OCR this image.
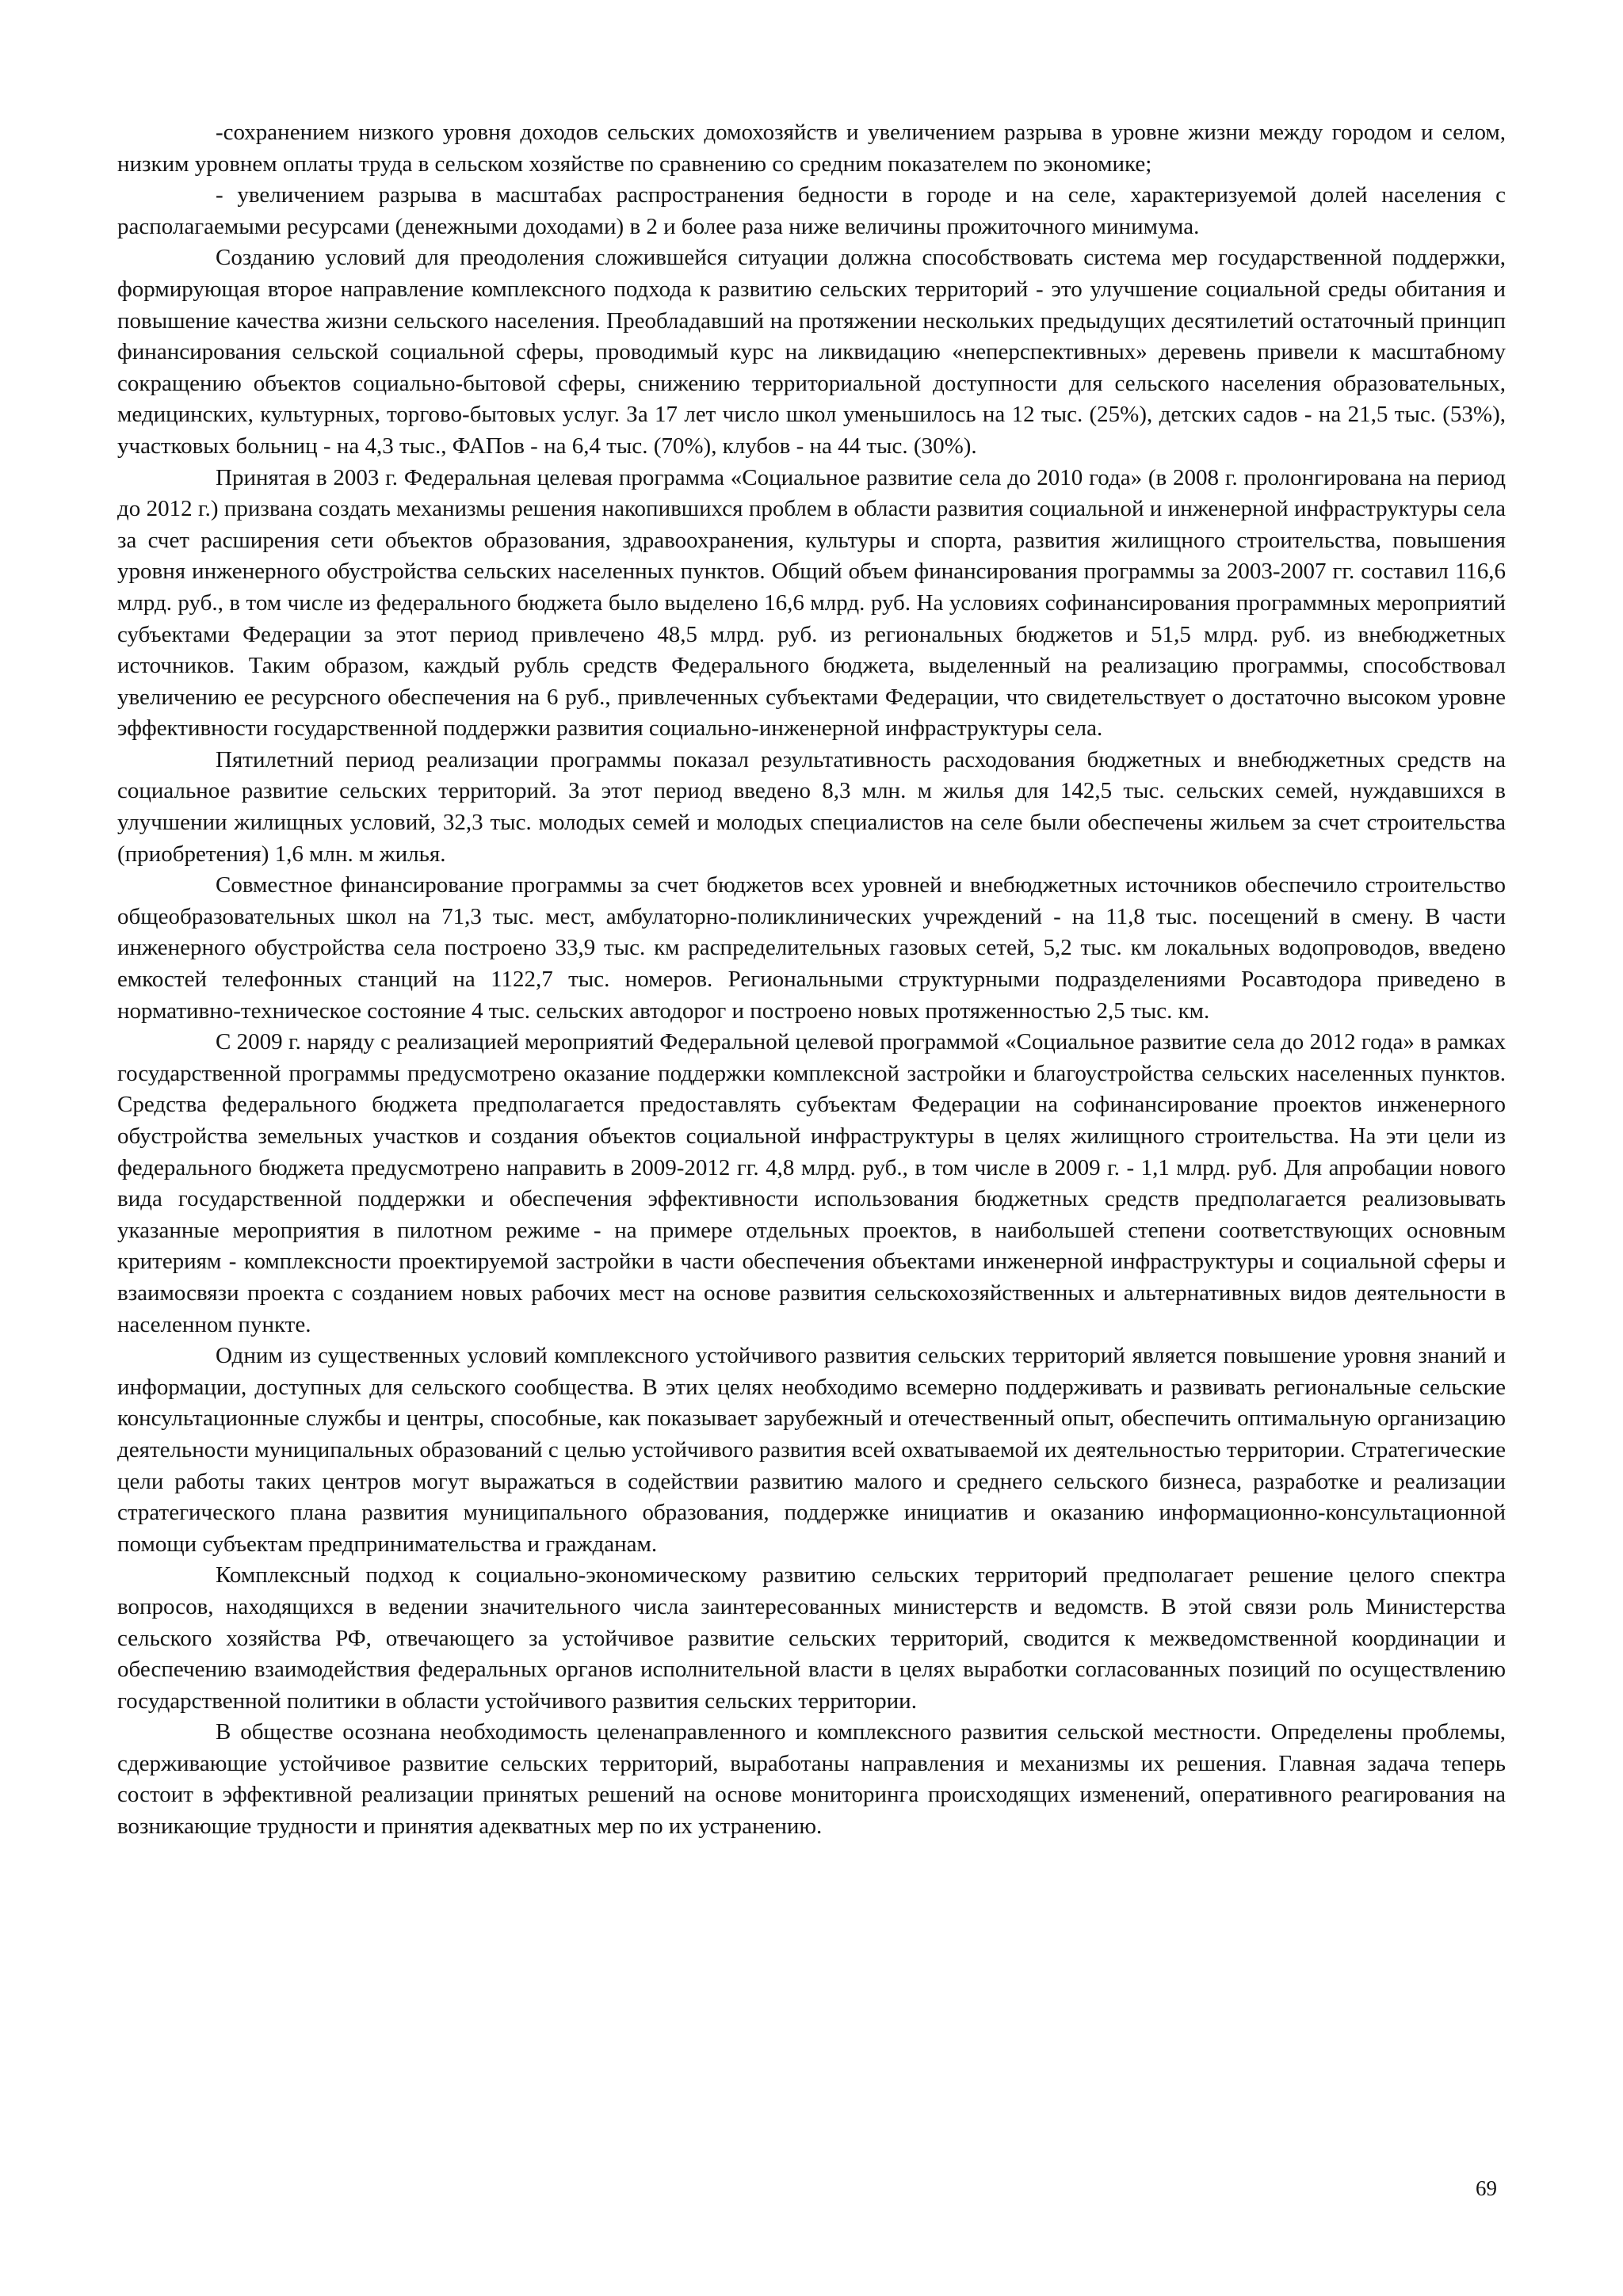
-сохранением низкого уровня доходов сельских домохозяйств и увеличением разрыва в уровне жизни между городом и селом, низким уровнем оплаты труда в сельском хозяйстве по сравнению со средним показателем по экономике;

- увеличением разрыва в масштабах распространения бедности в городе и на селе, характеризуемой долей населения с располагаемыми ресурсами (денежными доходами) в 2 и более раза ниже величины прожиточного минимума.

Созданию условий для преодоления сложившейся ситуации должна способствовать система мер государственной поддержки, формирующая второе направление комплексного подхода к развитию сельских территорий - это улучшение социальной среды обитания и повышение качества жизни сельского населения. Преобладавший на протяжении нескольких предыдущих десятилетий остаточный принцип финансирования сельской социальной сферы, проводимый курс на ликвидацию «неперспективных» деревень привели к масштабному сокращению объектов социально-бытовой сферы, снижению территориальной доступности для сельского населения образовательных, медицинских, культурных, торгово-бытовых услуг. За 17 лет число школ уменьшилось на 12 тыс. (25%), детских садов - на 21,5 тыс. (53%), участковых больниц - на 4,3 тыс., ФАПов - на 6,4 тыс. (70%), клубов - на 44 тыс. (30%).

Принятая в 2003 г. Федеральная целевая программа «Социальное развитие села до 2010 года» (в 2008 г. пролонгирована на период до 2012 г.) призвана создать механизмы решения накопившихся проблем в области развития социальной и инженерной инфраструктуры села за счет расширения сети объектов образования, здравоохранения, культуры и спорта, развития жилищного строительства, повышения уровня инженерного обустройства сельских населенных пунктов. Общий объем финансирования программы за 2003-2007 гг. составил 116,6 млрд. руб., в том числе из федерального бюджета было выделено 16,6 млрд. руб. На условиях софинансирования программных мероприятий субъектами Федерации за этот период привлечено 48,5 млрд. руб. из региональных бюджетов и 51,5 млрд. руб. из внебюджетных источников. Таким образом, каждый рубль средств Федерального бюджета, выделенный на реализацию программы, способствовал увеличению ее ресурсного обеспечения на 6 руб., привлеченных субъектами Федерации, что свидетельствует о достаточно высоком уровне эффективности государственной поддержки развития социально-инженерной инфраструктуры села.

Пятилетний период реализации программы показал результативность расходования бюджетных и внебюджетных средств на социальное развитие сельских территорий. За этот период введено 8,3 млн. м жилья для 142,5 тыс. сельских семей, нуждавшихся в улучшении жилищных условий, 32,3 тыс. молодых семей и молодых специалистов на селе были обеспечены жильем за счет строительства (приобретения) 1,6 млн. м жилья.

Совместное финансирование программы за счет бюджетов всех уровней и внебюджетных источников обеспечило строительство общеобразовательных школ на 71,3 тыс. мест, амбулаторно-поликлинических учреждений - на 11,8 тыс. посещений в смену. В части инженерного обустройства села построено 33,9 тыс. км распределительных газовых сетей, 5,2 тыс. км локальных водопроводов, введено емкостей телефонных станций на 1122,7 тыс. номеров. Региональными структурными подразделениями Росавтодора приведено в нормативно-техническое состояние 4 тыс. сельских автодорог и построено новых протяженностью 2,5 тыс. км.

С 2009 г. наряду с реализацией мероприятий Федеральной целевой программой «Социальное развитие села до 2012 года» в рамках государственной программы предусмотрено оказание поддержки комплексной застройки и благоустройства сельских населенных пунктов. Средства федерального бюджета предполагается предоставлять субъектам Федерации на софинансирование проектов инженерного обустройства земельных участков и создания объектов социальной инфраструктуры в целях жилищного строительства. На эти цели из федерального бюджета предусмотрено направить в 2009-2012 гг. 4,8 млрд. руб., в том числе в 2009 г. - 1,1 млрд. руб. Для апробации нового вида государственной поддержки и обеспечения эффективности использования бюджетных средств предполагается реализовывать указанные мероприятия в пилотном режиме - на примере отдельных проектов, в наибольшей степени соответствующих основным критериям - комплексности проектируемой застройки в части обеспечения объектами инженерной инфраструктуры и социальной сферы и взаимосвязи проекта с созданием новых рабочих мест на основе развития сельскохозяйственных и альтернативных видов деятельности в населенном пункте.

Одним из существенных условий комплексного устойчивого развития сельских территорий является повышение уровня знаний и информации, доступных для сельского сообщества. В этих целях необходимо всемерно поддерживать и развивать региональные сельские консультационные службы и центры, способные, как показывает зарубежный и отечественный опыт, обеспечить оптимальную организацию деятельности муниципальных образований с целью устойчивого развития всей охватываемой их деятельностью территории. Стратегические цели работы таких центров могут выражаться в содействии развитию малого и среднего сельского бизнеса, разработке и реализации стратегического плана развития муниципального образования, поддержке инициатив и оказанию информационно-консультационной помощи субъектам предпринимательства и гражданам.

Комплексный подход к социально-экономическому развитию сельских территорий предполагает решение целого спектра вопросов, находящихся в ведении значительного числа заинтересованных министерств и ведомств. В этой связи роль Министерства сельского хозяйства РФ, отвечающего за устойчивое развитие сельских территорий, сводится к межведомственной координации и обеспечению взаимодействия федеральных органов исполнительной власти в целях выработки согласованных позиций по осуществлению государственной политики в области устойчивого развития сельских территории.

В обществе осознана необходимость целенаправленного и комплексного развития сельской местности. Определены проблемы, сдерживающие устойчивое развитие сельских территорий, выработаны направления и механизмы их решения. Главная задача теперь состоит в эффективной реализации принятых решений на основе мониторинга происходящих изменений, оперативного реагирования на возникающие трудности и принятия адекватных мер по их устранению.

69
